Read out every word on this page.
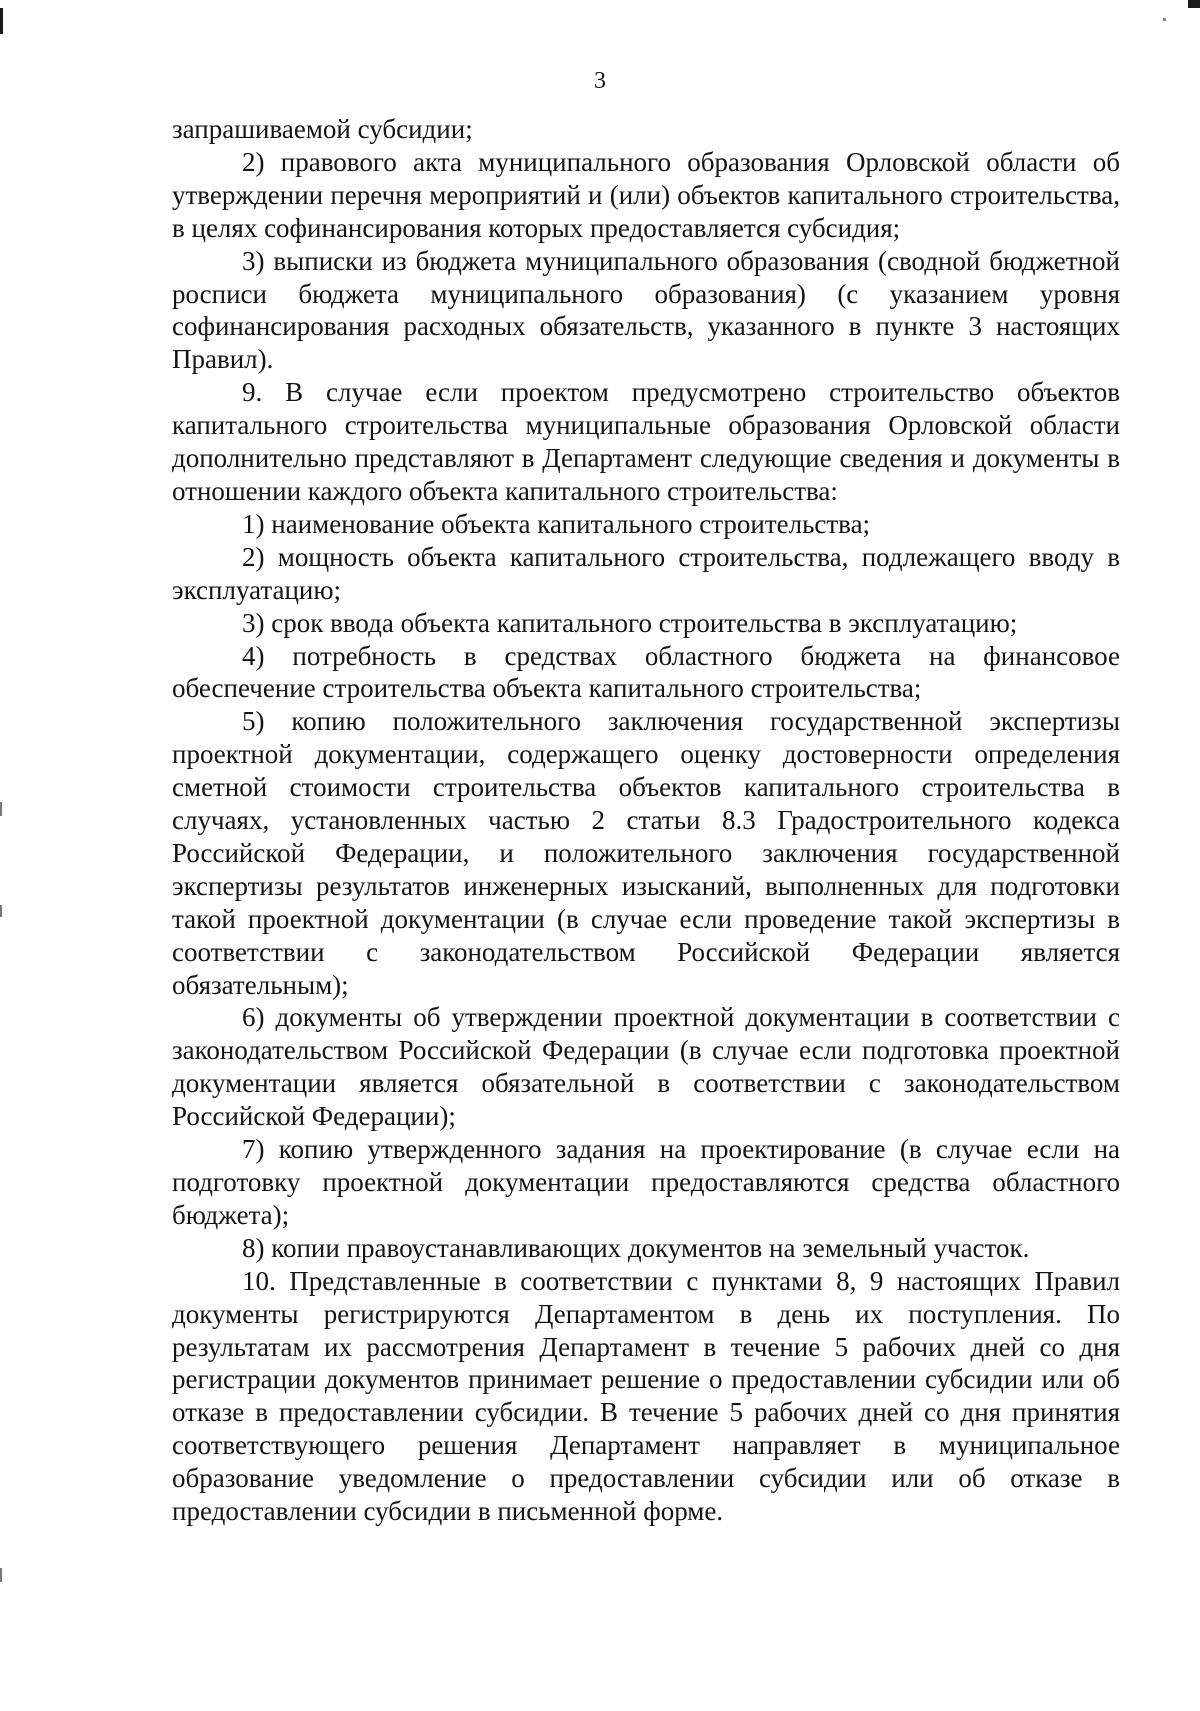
3

запрашиваемой субсидии;

2) правового акта муниципального образования Орловской области об утверждении перечня мероприятий и (или) объектов капитального строительства, в целях софинансирования которых предоставляется субсидия;

3) выписки из бюджета муниципального образования (сводной бюджетной росписи бюджета муниципального образования) (с указанием уровня софинансирования расходных обязательств, указанного в пункте 3 настоящих Правил).

9. В случае если проектом предусмотрено строительство объектов капитального строительства муниципальные образования Орловской области дополнительно представляют в Департамент следующие сведения и документы в отношении каждого объекта капитального строительства:

1) наименование объекта капитального строительства;

2) мощность объекта капитального строительства, подлежащего вводу в эксплуатацию;

3) срок ввода объекта капитального строительства в эксплуатацию;

4) потребность в средствах областного бюджета на финансовое обеспечение строительства объекта капитального строительства;

5) копию положительного заключения государственной экспертизы проектной документации, содержащего оценку достоверности определения сметной стоимости строительства объектов капитального строительства в случаях, установленных частью 2 статьи 8.3 Градостроительного кодекса Российской Федерации, и положительного заключения государственной экспертизы результатов инженерных изысканий, выполненных для подготовки такой проектной документации (в случае если проведение такой экспертизы в соответствии с законодательством Российской Федерации является обязательным);

6) документы об утверждении проектной документации в соответствии с законодательством Российской Федерации (в случае если подготовка проектной документации является обязательной в соответствии с законодательством Российской Федерации);

7) копию утвержденного задания на проектирование (в случае если на подготовку проектной документации предоставляются средства областного бюджета);

8) копии правоустанавливающих документов на земельный участок.

10. Представленные в соответствии с пунктами 8, 9 настоящих Правил документы регистрируются Департаментом в день их поступления. По результатам их рассмотрения Департамент в течение 5 рабочих дней со дня регистрации документов принимает решение о предоставлении субсидии или об отказе в предоставлении субсидии. В течение 5 рабочих дней со дня принятия соответствующего решения Департамент направляет в муниципальное образование уведомление о предоставлении субсидии или об отказе в предоставлении субсидии в письменной форме.
